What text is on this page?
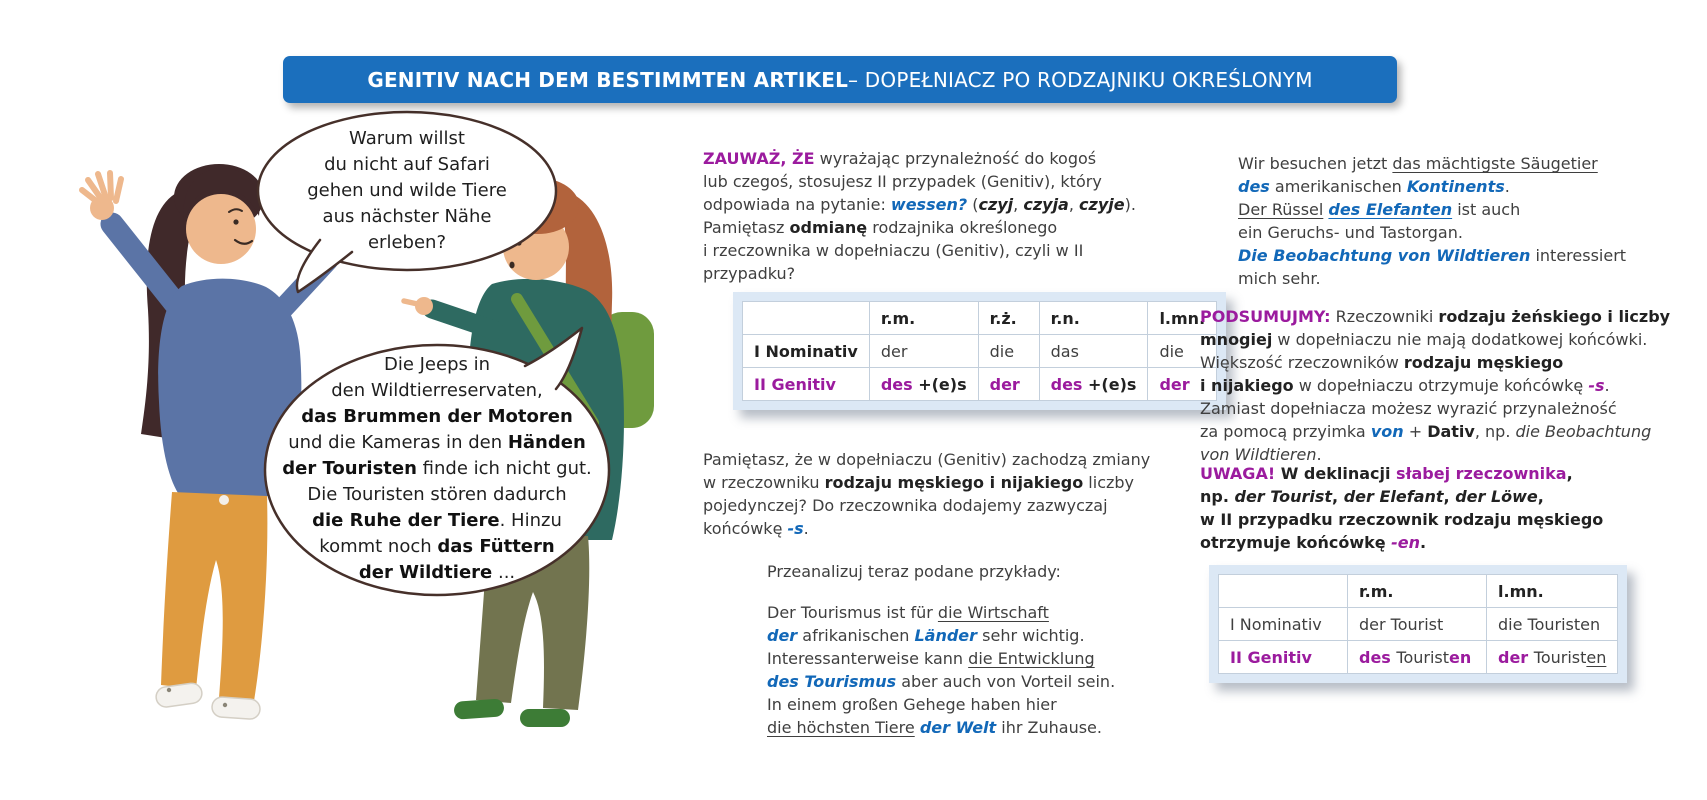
Warum willst
du nicht auf Safari
gehen und wilde Tiere
aus nächster Nähe
erleben?
Die Jeeps in
den Wildtierreservaten,
das Brummen der Motoren
und die Kameras in den Händen
der Touristen finde ich nicht gut.
Die Touristen stören dadurch
die Ruhe der Tiere. Hinzu
kommt noch das Füttern
der Wildtiere ...
GENITIV NACH DEM BESTIMMTEN ARTIKEL – DOPEŁNIACZ PO RODZAJNIKU OKREŚLONYM
ZAUWAŻ, ŻE wyrażając przynależność do kogoś
lub czegoś, stosujesz II przypadek (Genitiv), który
odpowiada na pytanie: wessen? (czyj, czyja, czyje).
Pamiętasz odmianę rodzajnika określonego
i rzeczownika w dopełniaczu (Genitiv), czyli w II
przypadku?
	r.m.	r.ż.	r.n.	l.mn.
I Nominativ	der	die	das	die
II Genitiv	des +(e)s	der	des +(e)s	der
Pamiętasz, że w dopełniaczu (Genitiv) zachodzą zmiany
w rzeczowniku rodzaju męskiego i nijakiego liczby
pojedynczej? Do rzeczownika dodajemy zazwyczaj
końcówkę -s.
Przeanalizuj teraz podane przykłady:
Der Tourismus ist für die Wirtschaft
der afrikanischen Länder sehr wichtig.
Interessanterweise kann die Entwicklung
des Tourismus aber auch von Vorteil sein.
In einem großen Gehege haben hier
die höchsten Tiere der Welt ihr Zuhause.
Wir besuchen jetzt das mächtigste Säugetier
des amerikanischen Kontinents.
Der Rüssel des Elefanten ist auch
ein Geruchs- und Tastorgan.
Die Beobachtung von Wildtieren interessiert
mich sehr.
PODSUMUJMY: Rzeczowniki rodzaju żeńskiego i liczby
mnogiej w dopełniaczu nie mają dodatkowej końcówki.
Większość rzeczowników rodzaju męskiego
i nijakiego w dopełniaczu otrzymuje końcówkę -s.
Zamiast dopełniacza możesz wyrazić przynależność
za pomocą przyimka von + Dativ, np. die Beobachtung
von Wildtieren.
UWAGA! W deklinacji słabej rzeczownika,
np. der Tourist, der Elefant, der Löwe,
w II przypadku rzeczownik rodzaju męskiego
otrzymuje końcówkę -en.
	r.m.	l.mn.
I Nominativ	der Tourist	die Touristen
II Genitiv	des Touristen	der Touristen
